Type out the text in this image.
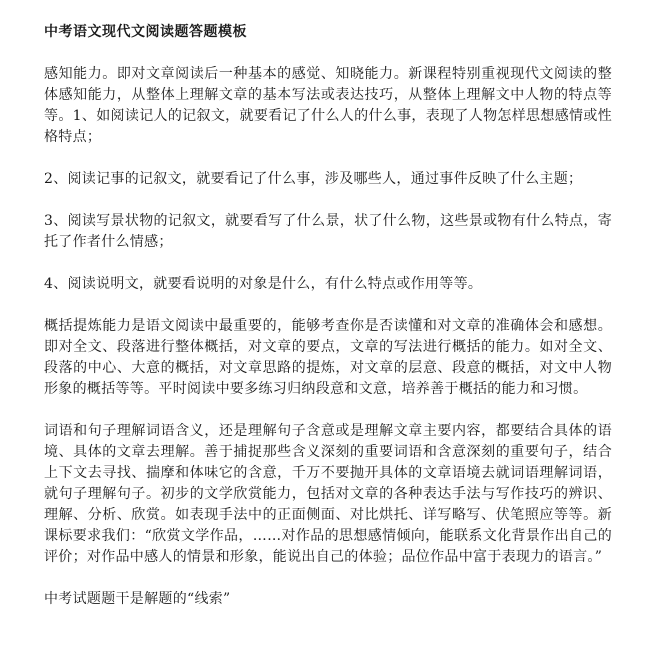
中考语文现代文阅读题答题模板

感知能力。即对文章阅读后一种基本的感觉、知晓能力。新课程特别重视现代文阅读的整体感知能力，从整体上理解文章的基本写法或表达技巧，从整体上理解文中人物的特点等等。1、如阅读记人的记叙文，就要看记了什么人的什么事，表现了人物怎样思想感情或性格特点；

2、阅读记事的记叙文，就要看记了什么事，涉及哪些人，通过事件反映了什么主题；

3、阅读写景状物的记叙文，就要看写了什么景，状了什么物，这些景或物有什么特点，寄托了作者什么情感；

4、阅读说明文，就要看说明的对象是什么，有什么特点或作用等等。

概括提炼能力是语文阅读中最重要的，能够考查你是否读懂和对文章的准确体会和感想。即对全文、段落进行整体概括，对文章的要点，文章的写法进行概括的能力。如对全文、段落的中心、大意的概括，对文章思路的提炼，对文章的层意、段意的概括，对文中人物形象的概括等等。平时阅读中要多练习归纳段意和文意，培养善于概括的能力和习惯。

词语和句子理解词语含义，还是理解句子含意或是理解文章主要内容，都要结合具体的语境、具体的文章去理解。善于捕捉那些含义深刻的重要词语和含意深刻的重要句子，结合上下文去寻找、揣摩和体味它的含意，千万不要抛开具体的文章语境去就词语理解词语，就句子理解句子。初步的文学欣赏能力，包括对文章的各种表达手法与写作技巧的辨识、理解、分析、欣赏。如表现手法中的正面侧面、对比烘托、详写略写、伏笔照应等等。新课标要求我们：“欣赏文学作品，……对作品的思想感情倾向，能联系文化背景作出自己的评价；对作品中感人的情景和形象，能说出自己的体验；品位作品中富于表现力的语言。”

中考试题题干是解题的“线索”
